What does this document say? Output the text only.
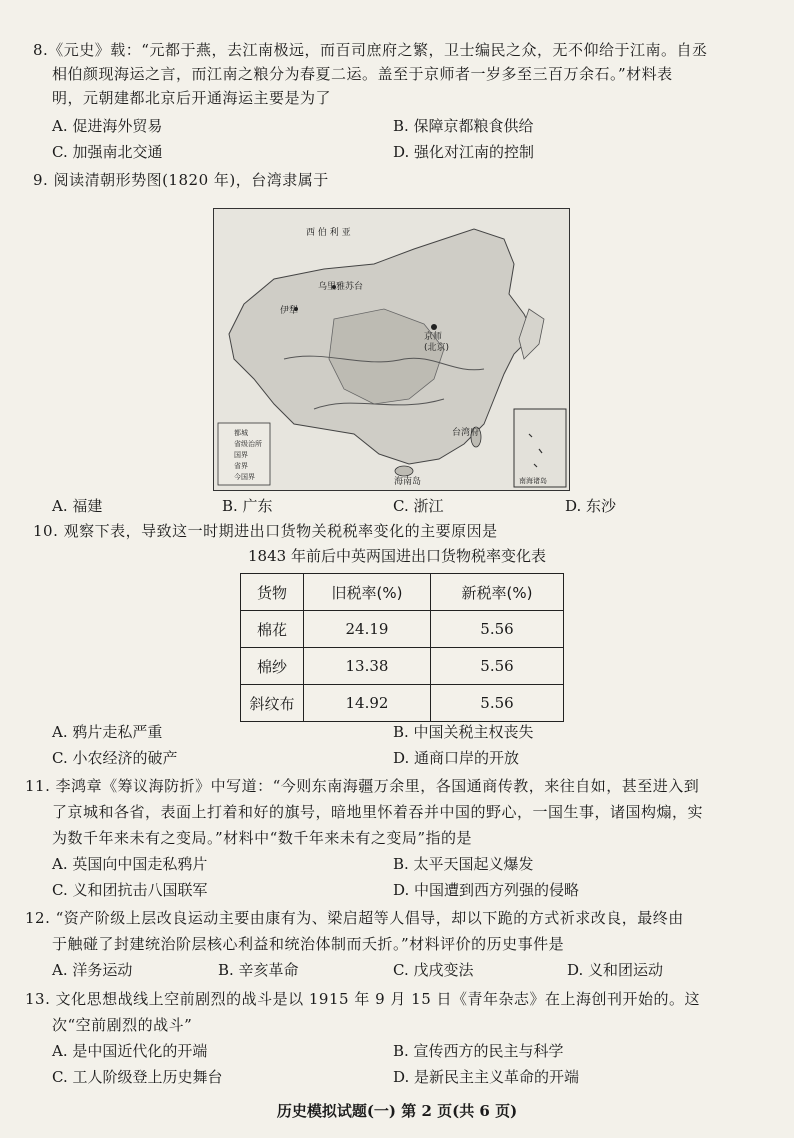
8.《元史》载：“元都于燕，去江南极远，而百司庶府之繁，卫士编民之众，无不仰给于江南。自丞
相伯颜现海运之言，而江南之粮分为春夏二运。盖至于京师者一岁多至三百万余石。”材料表
明，元朝建都北京后开通海运主要是为了
A. 促进海外贸易	B. 保障京都粮食供给
C. 加强南北交通	D. 强化对江南的控制
9. 阅读清朝形势图(1820 年)，台湾隶属于
西 伯 利 亚
乌里雅苏台
伊犁
京师
(北京)
台湾府
海南岛	南海诸岛
都城
省级治所
国界
省界
今国界
A. 福建	B. 广东	C. 浙江	D. 东沙
10. 观察下表，导致这一时期进出口货物关税税率变化的主要原因是
1843 年前后中英两国进出口货物税率变化表
货物	旧税率(%)	新税率(%)
棉花	24.19	5.56
棉纱	13.38	5.56
斜纹布	14.92	5.56
A. 鸦片走私严重	B. 中国关税主权丧失
C. 小农经济的破产	D. 通商口岸的开放
11. 李鸿章《筹议海防折》中写道：“今则东南海疆万余里，各国通商传教，来往自如，甚至进入到
了京城和各省，表面上打着和好的旗号，暗地里怀着吞并中国的野心，一国生事，诸国构煽，实
为数千年来未有之变局。”材料中“数千年来未有之变局”指的是
A. 英国向中国走私鸦片	B. 太平天国起义爆发
C. 义和团抗击八国联军	D. 中国遭到西方列强的侵略
12. “资产阶级上层改良运动主要由康有为、梁启超等人倡导，却以下跪的方式祈求改良，最终由
于触碰了封建统治阶层核心利益和统治体制而夭折。”材料评价的历史事件是
A. 洋务运动	B. 辛亥革命	C. 戊戌变法	D. 义和团运动
13. 文化思想战线上空前剧烈的战斗是以 1915 年 9 月 15 日《青年杂志》在上海创刊开始的。这
次“空前剧烈的战斗”
A. 是中国近代化的开端	B. 宣传西方的民主与科学
C. 工人阶级登上历史舞台	D. 是新民主主义革命的开端
历史模拟试题(一) 第 2 页(共 6 页)
